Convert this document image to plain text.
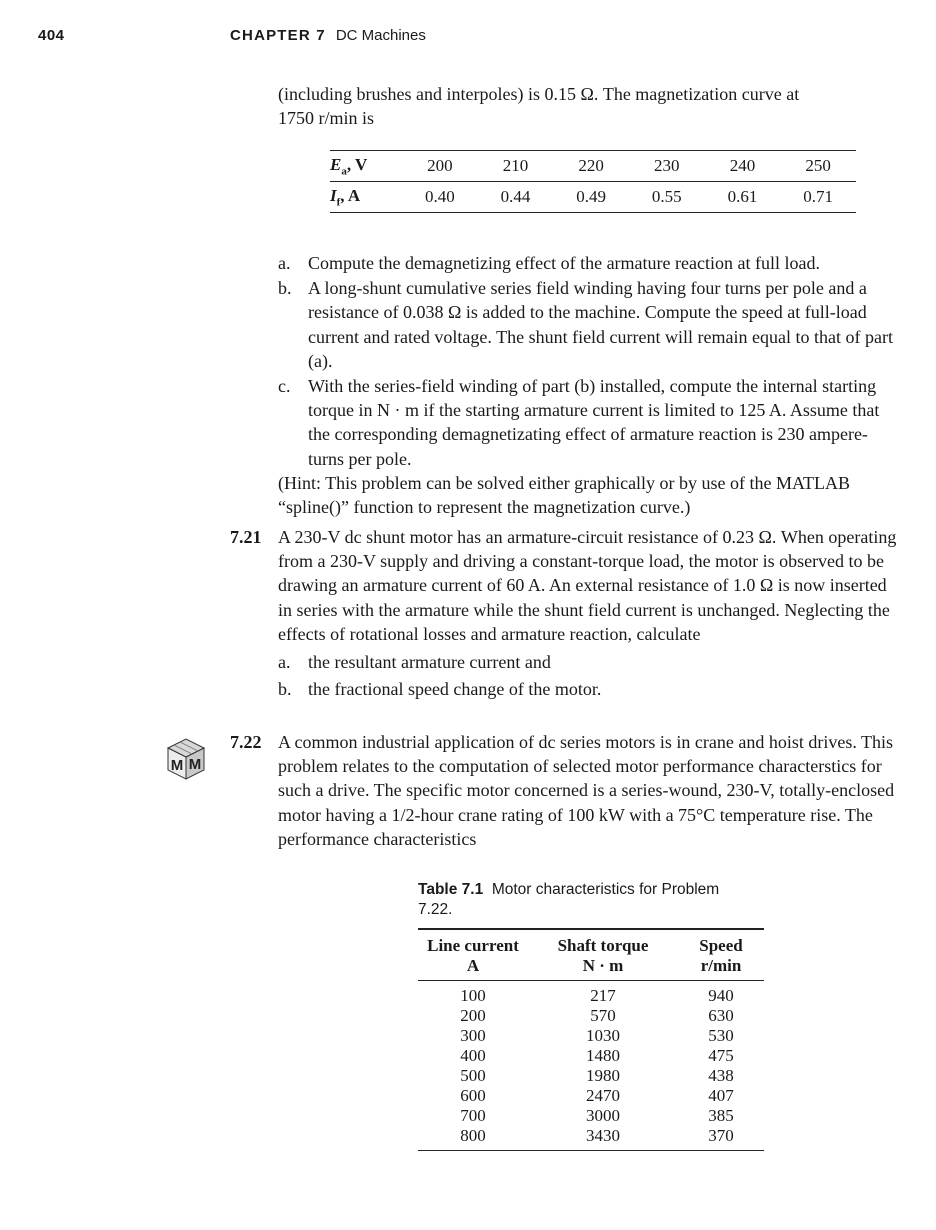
404	CHAPTER 7 DC Machines
(including brushes and interpoles) is 0.15 Ω. The magnetization curve at
1750 r/min is
$E_a$, V	200	210	220	230	240	250
$I_f$, A	0.40	0.44	0.49	0.55	0.61	0.71
a. Compute the demagnetizing effect of the armature reaction at full load.
b. A long-shunt cumulative series field winding having four turns per pole and a resistance of 0.038 Ω is added to the machine. Compute the speed at full-load current and rated voltage. The shunt field current will remain equal to that of part (a).
c. With the series-field winding of part (b) installed, compute the internal starting torque in N · m if the starting armature current is limited to 125 A. Assume that the corresponding demagnetizating effect of armature reaction is 230 ampere-turns per pole.
(Hint: This problem can be solved either graphically or by use of the MATLAB “spline()” function to represent the magnetization curve.)
7.21 A 230-V dc shunt motor has an armature-circuit resistance of 0.23 Ω. When operating from a 230-V supply and driving a constant-torque load, the motor is observed to be drawing an armature current of 60 A. An external resistance of 1.0 Ω is now inserted in series with the armature while the shunt field current is unchanged. Neglecting the effects of rotational losses and armature reaction, calculate
a. the resultant armature current and
b. the fractional speed change of the motor.
M M
7.22 A common industrial application of dc series motors is in crane and hoist drives. This problem relates to the computation of selected motor performance characterstics for such a drive. The specific motor concerned is a series-wound, 230-V, totally-enclosed motor having a 1/2-hour crane rating of 100 kW with a 75°C temperature rise. The performance characteristics
Table 7.1 Motor characteristics for Problem 7.22.
Line current	Shaft torque	Speed
A	N · m	r/min
100	217	940
200	570	630
300	1030	530
400	1480	475
500	1980	438
600	2470	407
700	3000	385
800	3430	370
